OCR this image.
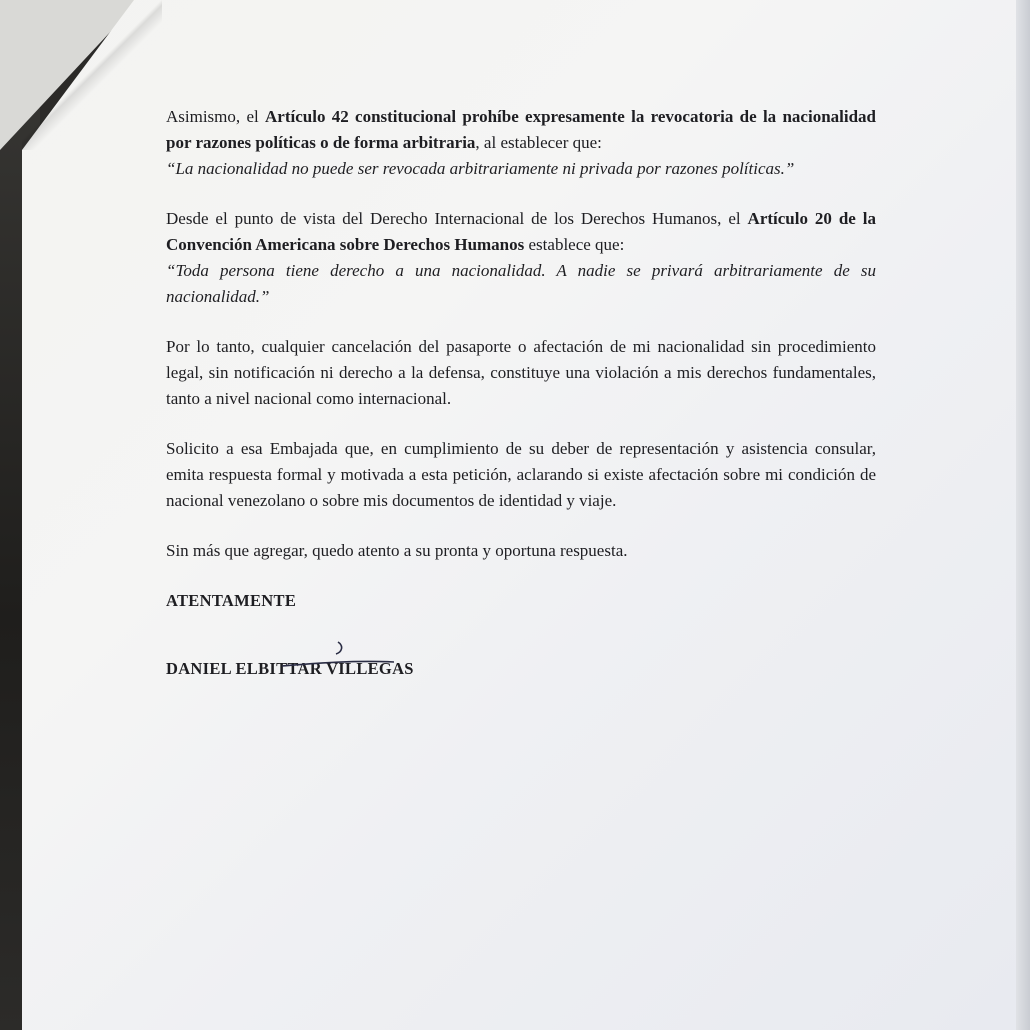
Asimismo, el Artículo 42 constitucional prohíbe expresamente la revocatoria de la nacionalidad por razones políticas o de forma arbitraria, al establecer que:
“La nacionalidad no puede ser revocada arbitrariamente ni privada por razones políticas.”

Desde el punto de vista del Derecho Internacional de los Derechos Humanos, el Artículo 20 de la Convención Americana sobre Derechos Humanos establece que:
“Toda persona tiene derecho a una nacionalidad. A nadie se privará arbitrariamente de su nacionalidad.”

Por lo tanto, cualquier cancelación del pasaporte o afectación de mi nacionalidad sin procedimiento legal, sin notificación ni derecho a la defensa, constituye una violación a mis derechos fundamentales, tanto a nivel nacional como internacional.

Solicito a esa Embajada que, en cumplimiento de su deber de representación y asistencia consular, emita respuesta formal y motivada a esta petición, aclarando si existe afectación sobre mi condición de nacional venezolano o sobre mis documentos de identidad y viaje.

Sin más que agregar, quedo atento a su pronta y oportuna respuesta.

ATENTAMENTE
DANIEL ELBITTAR VILLEGAS
